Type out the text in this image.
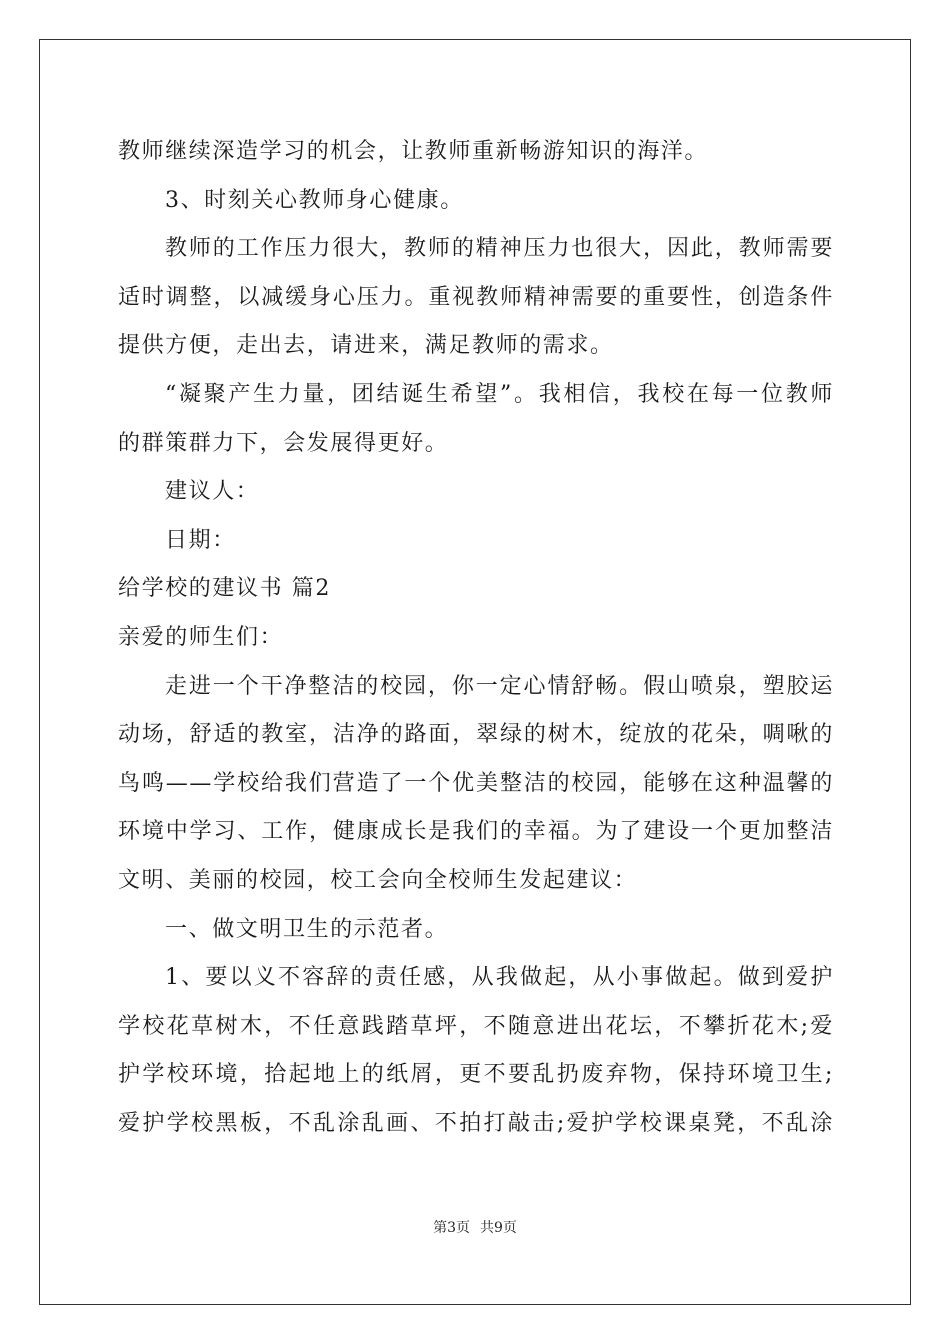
教师继续深造学习的机会，让教师重新畅游知识的海洋。
3、时刻关心教师身心健康。
教师的工作压力很大，教师的精神压力也很大，因此，教师需要
适时调整，以减缓身心压力。重视教师精神需要的重要性，创造条件
提供方便，走出去，请进来，满足教师的需求。
“凝聚产生力量，团结诞生希望”。我相信，我校在每一位教师
的群策群力下，会发展得更好。
建议人：
日期：
给学校的建议书 篇2
亲爱的师生们：
走进一个干净整洁的校园，你一定心情舒畅。假山喷泉，塑胶运
动场，舒适的教室，洁净的路面，翠绿的树木，绽放的花朵，啁啾的
鸟鸣——学校给我们营造了一个优美整洁的校园，能够在这种温馨的
环境中学习、工作，健康成长是我们的幸福。为了建设一个更加整洁
文明、美丽的校园，校工会向全校师生发起建议：
一、做文明卫生的示范者。
1、要以义不容辞的责任感，从我做起，从小事做起。做到爱护
学校花草树木，不任意践踏草坪，不随意进出花坛，不攀折花木;爱
护学校环境，拾起地上的纸屑，更不要乱扔废弃物，保持环境卫生;
爱护学校黑板，不乱涂乱画、不拍打敲击;爱护学校课桌凳，不乱涂
第3页 共9页
